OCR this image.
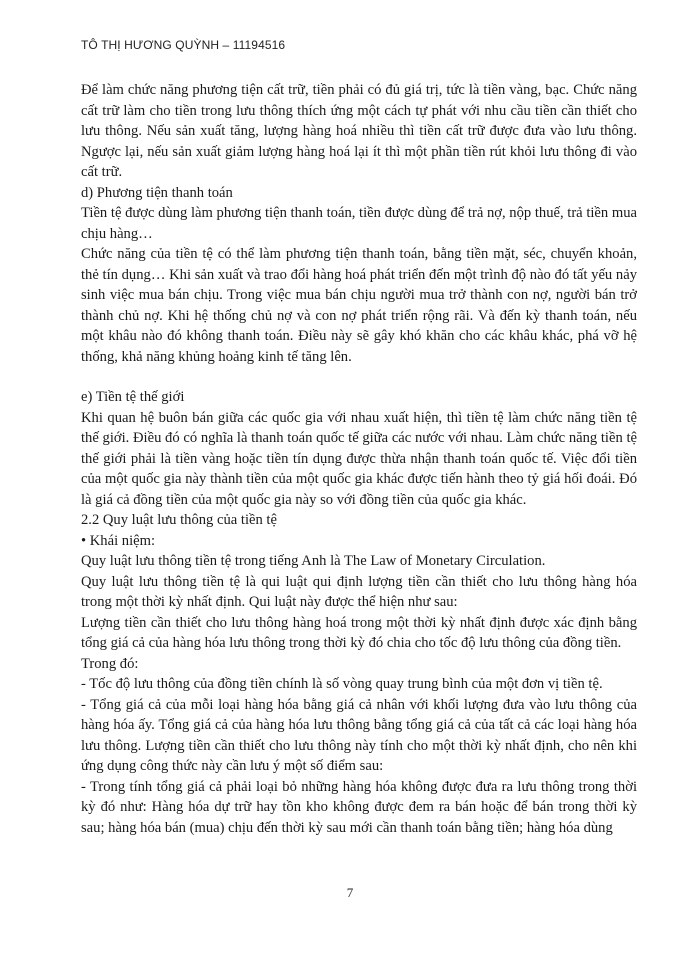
TÔ THỊ HƯƠNG QUỲNH – 11194516

Để làm chức năng phương tiện cất trữ, tiền phải có đủ giá trị, tức là tiền vàng, bạc. Chức năng cất trữ làm cho tiền trong lưu thông thích ứng một cách tự phát với nhu cầu tiền cần thiết cho lưu thông. Nếu sản xuất tăng, lượng hàng hoá nhiều thì tiền cất trữ được đưa vào lưu thông. Ngược lại, nếu sản xuất giảm lượng hàng hoá lại ít thì một phần tiền rút khỏi lưu thông đi vào cất trữ.

d) Phương tiện thanh toán

Tiền tệ được dùng làm phương tiện thanh toán, tiền được dùng để trả nợ, nộp thuế, trả tiền mua chịu hàng…

Chức năng của tiền tệ có thể làm phương tiện thanh toán, bằng tiền mặt, séc, chuyển khoản, thẻ tín dụng… Khi sản xuất và trao đổi hàng hoá phát triển đến một trình độ nào đó tất yếu nảy sinh việc mua bán chịu. Trong việc mua bán chịu người mua trở thành con nợ, người bán trở thành chủ nợ. Khi hệ thống chủ nợ và con nợ phát triển rộng rãi. Và đến kỳ thanh toán, nếu một khâu nào đó không thanh toán. Điều này sẽ gây khó khăn cho các khâu khác, phá vỡ hệ thống, khả năng khủng hoảng kinh tế tăng lên.

e) Tiền tệ thế giới

Khi quan hệ buôn bán giữa các quốc gia với nhau xuất hiện, thì tiền tệ làm chức năng tiền tệ thế giới. Điều đó có nghĩa là thanh toán quốc tế giữa các nước với nhau. Làm chức năng tiền tệ thế giới phải là tiền vàng hoặc tiền tín dụng được thừa nhận thanh toán quốc tế. Việc đổi tiền của một quốc gia này thành tiền của một quốc gia khác được tiến hành theo tỷ giá hối đoái. Đó là giá cả đồng tiền của một quốc gia này so với đồng tiền của quốc gia khác.

2.2 Quy luật lưu thông của tiền tệ

• Khái niệm:

Quy luật lưu thông tiền tệ trong tiếng Anh là The Law of Monetary Circulation.

Quy luật lưu thông tiền tệ là qui luật qui định lượng tiền cần thiết cho lưu thông hàng hóa trong một thời kỳ nhất định. Qui luật này được thể hiện như sau:

Lượng tiền cần thiết cho lưu thông hàng hoá trong một thời kỳ nhất định được xác định bằng tổng giá cả của hàng hóa lưu thông trong thời kỳ đó chia cho tốc độ lưu thông của đồng tiền.

Trong đó:

- Tốc độ lưu thông của đồng tiền chính là số vòng quay trung bình của một đơn vị tiền tệ.

- Tổng giá cả của mỗi loại hàng hóa bằng giá cả nhân với khối lượng đưa vào lưu thông của hàng hóa ấy. Tổng giá cả của hàng hóa lưu thông bằng tổng giá cả của tất cả các loại hàng hóa lưu thông. Lượng tiền cần thiết cho lưu thông này tính cho một thời kỳ nhất định, cho nên khi ứng dụng công thức này cần lưu ý một số điểm sau:

- Trong tính tổng giá cả phải loại bỏ những hàng hóa không được đưa ra lưu thông trong thời kỳ đó như: Hàng hóa dự trữ hay tồn kho không được đem ra bán hoặc để bán trong thời kỳ sau; hàng hóa bán (mua) chịu đến thời kỳ sau mới cần thanh toán bằng tiền; hàng hóa dùng

7
